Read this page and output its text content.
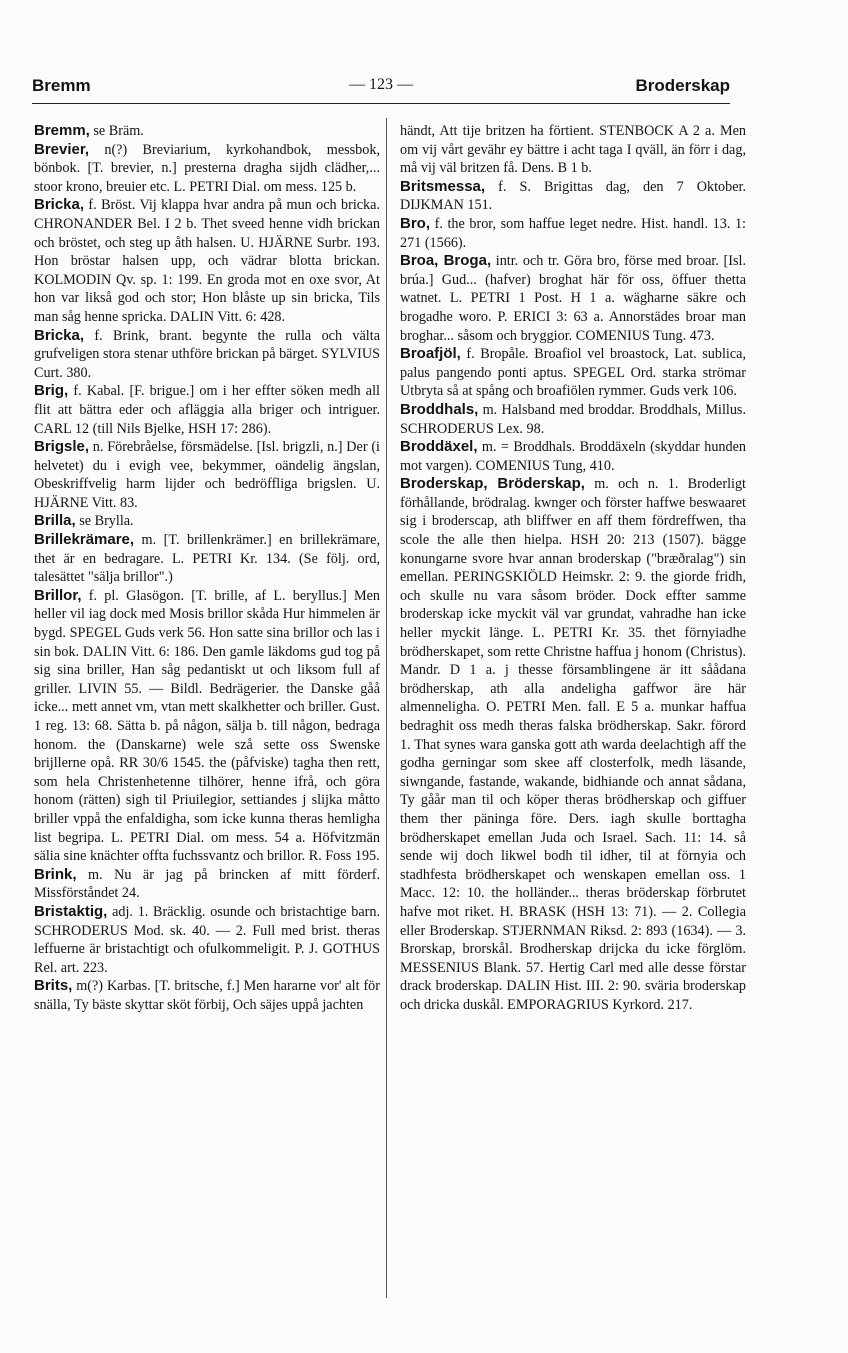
Bremm	— 123 —	Broderskap
Bremm, se Bräm.
Brevier, n(?) Breviarium, kyrkohandbok, messbok, bönbok. [T. brevier, n.] presterna dragha sijdh clädher,... stoor krono, breuier etc. L. PETRI Dial. om mess. 125 b.
Bricka, f. Bröst. Vij klappa hvar andra på mun och bricka. CHRONANDER Bel. I 2 b. Thet sveed henne vidh brickan och bröstet, och steg up åth halsen. U. HJÄRNE Surbr. 193. Hon bröstar halsen upp, och vädrar blotta brickan. KOLMODIN Qv. sp. 1: 199. En groda mot en oxe svor, At hon var likså god och stor; Hon blåste up sin bricka, Tils man såg henne spricka. DALIN Vitt. 6: 428.
Bricka, f. Brink, brant. begynte the rulla och välta grufveligen stora stenar uthföre brickan på bärget. SYLVIUS Curt. 380.
Brig, f. Kabal. [F. brigue.] om i her effter söken medh all flit att bättra eder och afläggia alla briger och intriguer. CARL 12 (till Nils Bjelke, HSH 17: 286).
Brigsle, n. Förebråelse, försmädelse. [Isl. brigzli, n.] Der (i helvetet) du i evigh vee, bekymmer, oändelig ängslan, Obeskriffvelig harm lijder och bedröffliga brigslen. U. HJÄRNE Vitt. 83.
Brilla, se Brylla.
Brillekrämare, m. [T. brillenkrämer.] en brillekrämare, thet är en bedragare. L. PETRI Kr. 134. (Se följ. ord, talesättet "sälja brillor".)
Brillor, f. pl. Glasögon. [T. brille, af L. beryllus.] Men heller vil iag dock med Mosis brillor skåda Hur himmelen är bygd. SPEGEL Guds verk 56. Hon satte sina brillor och las i sin bok. DALIN Vitt. 6: 186. Den gamle läkdoms gud tog på sig sina briller, Han såg pedantiskt ut och liksom full af griller. LIVIN 55. — Bildl. Bedrägerier. the Danske gåå icke... mett annet vm, vtan mett skalkhetter och briller. Gust. 1 reg. 13: 68. Sätta b. på någon, sälja b. till någon, bedraga honom. the (Danskarne) wele szå sette oss Swenske brijllerne opå. RR 30/6 1545. the (påfviske) tagha then rett, som hela Christenhetenne tilhörer, henne ifrå, och göra honom (rätten) sigh til Priuilegior, settiandes j slijka måtto briller vppå the enfaldigha, som icke kunna theras hemligha list begripa. L. PETRI Dial. om mess. 54 a. Höfvitzmän sälia sine knächter offta fuchssvantz och brillor. R. Foss 195.
Brink, m. Nu är jag på brincken af mitt förderf. Missförståndet 24.
Bristaktig, adj. 1. Bräcklig. osunde och bristachtige barn. SCHRODERUS Mod. sk. 40. — 2. Full med brist. theras leffuerne är bristachtigt och ofulkommeligit. P. J. GOTHUS Rel. art. 223.
Brits, m(?) Karbas. [T. britsche, f.] Men hararne vor' alt för snälla, Ty bäste skyttar sköt förbij, Och säjes uppå jachten
händt, Att tije britzen ha förtient. STENBOCK A 2 a. Men om vij vårt gevähr ey bättre i acht taga I qväll, än förr i dag, må vij väl britzen få. Dens. B 1 b.
Britsmessa, f. S. Brigittas dag, den 7 Oktober. DIJKMAN 151.
Bro, f. the bror, som haffue leget nedre. Hist. handl. 13. 1: 271 (1566).
Broa, Broga, intr. och tr. Göra bro, förse med broar. [Isl. brúa.] Gud... (hafver) broghat här för oss, öffuer thetta watnet. L. PETRI 1 Post. H 1 a. wägharne säkre och brogadhe woro. P. ERICI 3: 63 a. Annorstädes broar man broghar... såsom och bryggior. COMENIUS Tung. 473.
Broafjöl, f. Bropåle. Broafiol vel broastock, Lat. sublica, palus pangendo ponti aptus. SPEGEL Ord. starka strömar Utbryta så at spång och broafiölen rymmer. Guds verk 106.
Broddhals, m. Halsband med broddar. Broddhals, Millus. SCHRODERUS Lex. 98.
Broddäxel, m. = Broddhals. Broddäxeln (skyddar hunden mot vargen). COMENIUS Tung, 410.
Broderskap, Bröderskap, m. och n. 1. Broderligt förhållande, brödralag. kwnger och förster haffwe beswaaret sig i broderscap, ath bliffwer en aff them fördreffwen, tha scole the alle then hielpa. HSH 20: 213 (1507). bägge konungarne svore hvar annan broderskap ("bræðralag") sin emellan. PERINGSKIÖLD Heimskr. 2: 9. the giorde fridh, och skulle nu vara såsom bröder. Dock effter samme broderskap icke myckit väl var grundat, vahradhe han icke heller myckit länge. L. PETRI Kr. 35. thet förnyiadhe brödherskapet, som rette Christne haffua j honom (Christus). Mandr. D 1 a. j thesse församblingene är itt såådana brödherskap, ath alla andeligha gaffwor äre här almenneligha. O. PETRI Men. fall. E 5 a. munkar haffua bedraghit oss medh theras falska brödherskap. Sakr. förord 1. That synes wara ganska gott ath warda deelachtigh aff the godha gerningar som skee aff closterfolk, medh läsande, siwngande, fastande, wakande, bidhiande och annat sådana, Ty gåår man til och köper theras brödherskap och giffuer them ther päninga före. Ders. iagh skulle borttagha brödherskapet emellan Juda och Israel. Sach. 11: 14. så sende wij doch likwel bodh til idher, til at förnyia och stadhfesta brödherskapet och wenskapen emellan oss. 1 Macc. 12: 10. the holländer... theras bröderskap förbrutet hafve mot riket. H. BRASK (HSH 13: 71). — 2. Collegia eller Broderskap. STJERNMAN Riksd. 2: 893 (1634). — 3. Brorskap, brorskål. Brodherskap drijcka du icke förglöm. MESSENIUS Blank. 57. Hertig Carl med alle desse förstar drack broderskap. DALIN Hist. III. 2: 90. sväria broderskap och dricka duskål. EMPORAGRIUS Kyrkord. 217.
